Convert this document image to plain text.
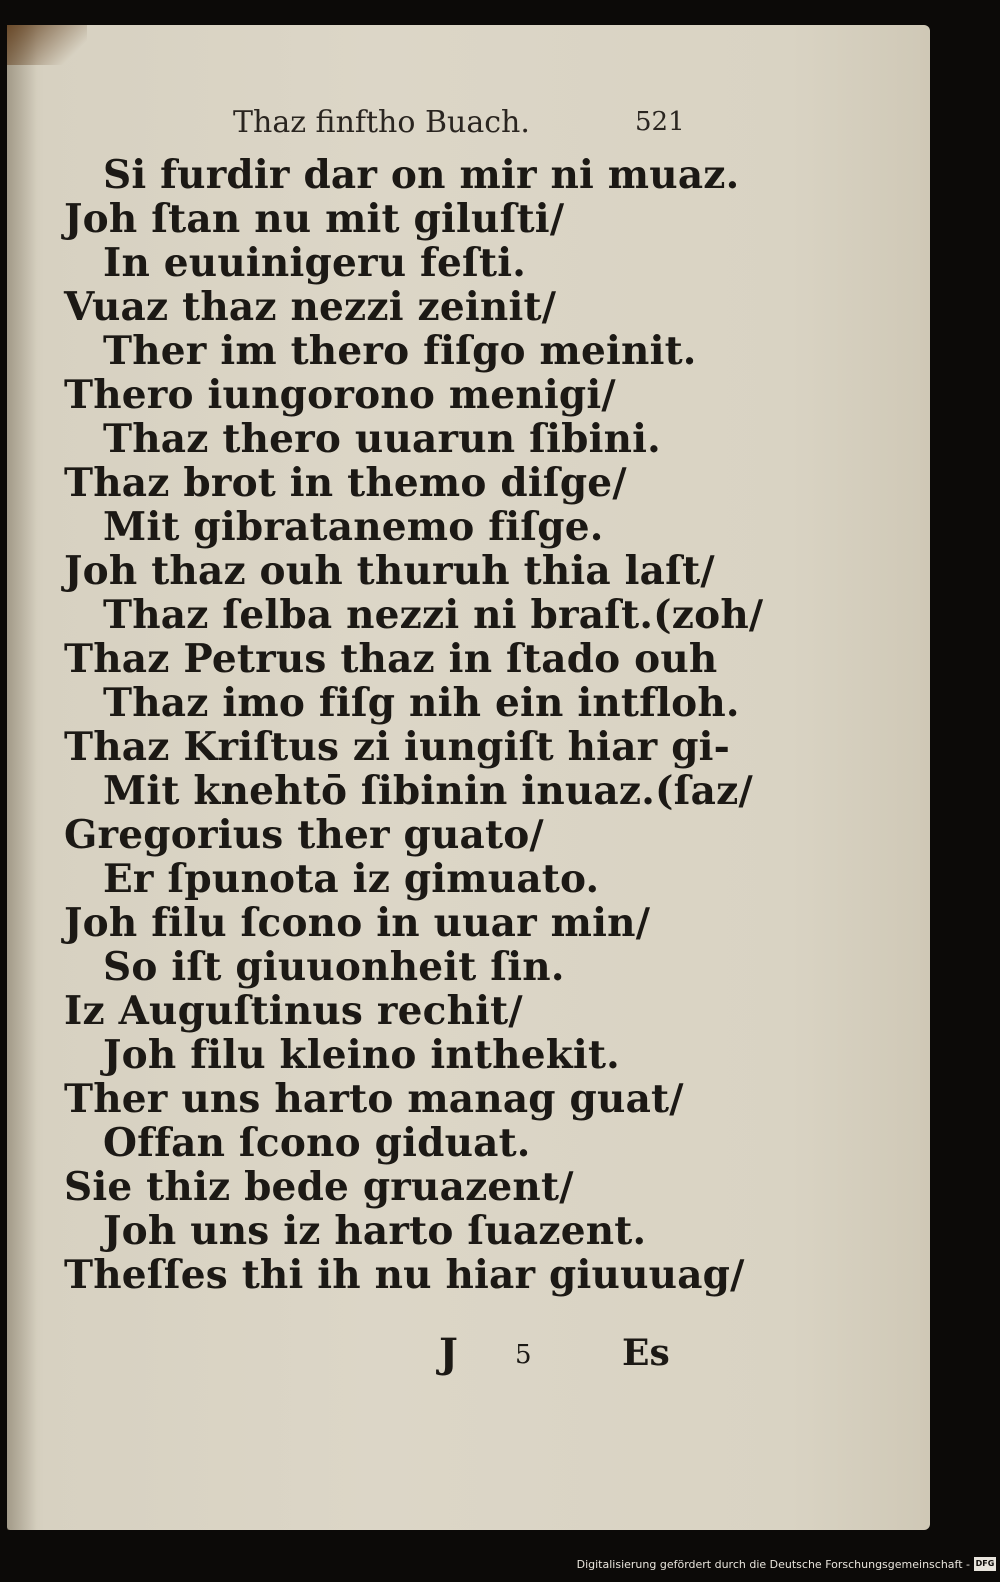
Thaz finftho Buach.	521
Si furdir dar on mir ni muaz.
Joh ſtan nu mit giluſti/
In euuinigeru feſti.
Vuaz thaz nezzi zeinit/
Ther im thero fiſgo meinit.
Thero iungorono menigi/
Thaz thero uuarun ſibini.
Thaz brot in themo diſge/
Mit gibratanemo fiſge.
Joh thaz ouh thuruh thia laſt/
Thaz ſelba nezzi ni braſt.(zoh/
Thaz Petrus thaz in ſtado ouh
Thaz imo fiſg nih ein intfloh.
Thaz Kriſtus zi iungiſt hiar gi-
Mit knehtō ſibinin inuaz.(ſaz/
Gregorius ther guato/
Er ſpunota iz gimuato.
Joh filu ſcono in uuar min/
So iſt giuuonheit ſin.
Iz Auguſtinus rechit/
Joh filu kleino inthekit.
Ther uns harto manag guat/
Offan ſcono giduat.
Sie thiz bede gruazent/
Joh uns iz harto ſuazent.
Theſſes thi ih nu hiar giuuuag/
J 5	Es
Digitalisierung gefördert durch die Deutsche Forschungsgemeinschaft - DFG
